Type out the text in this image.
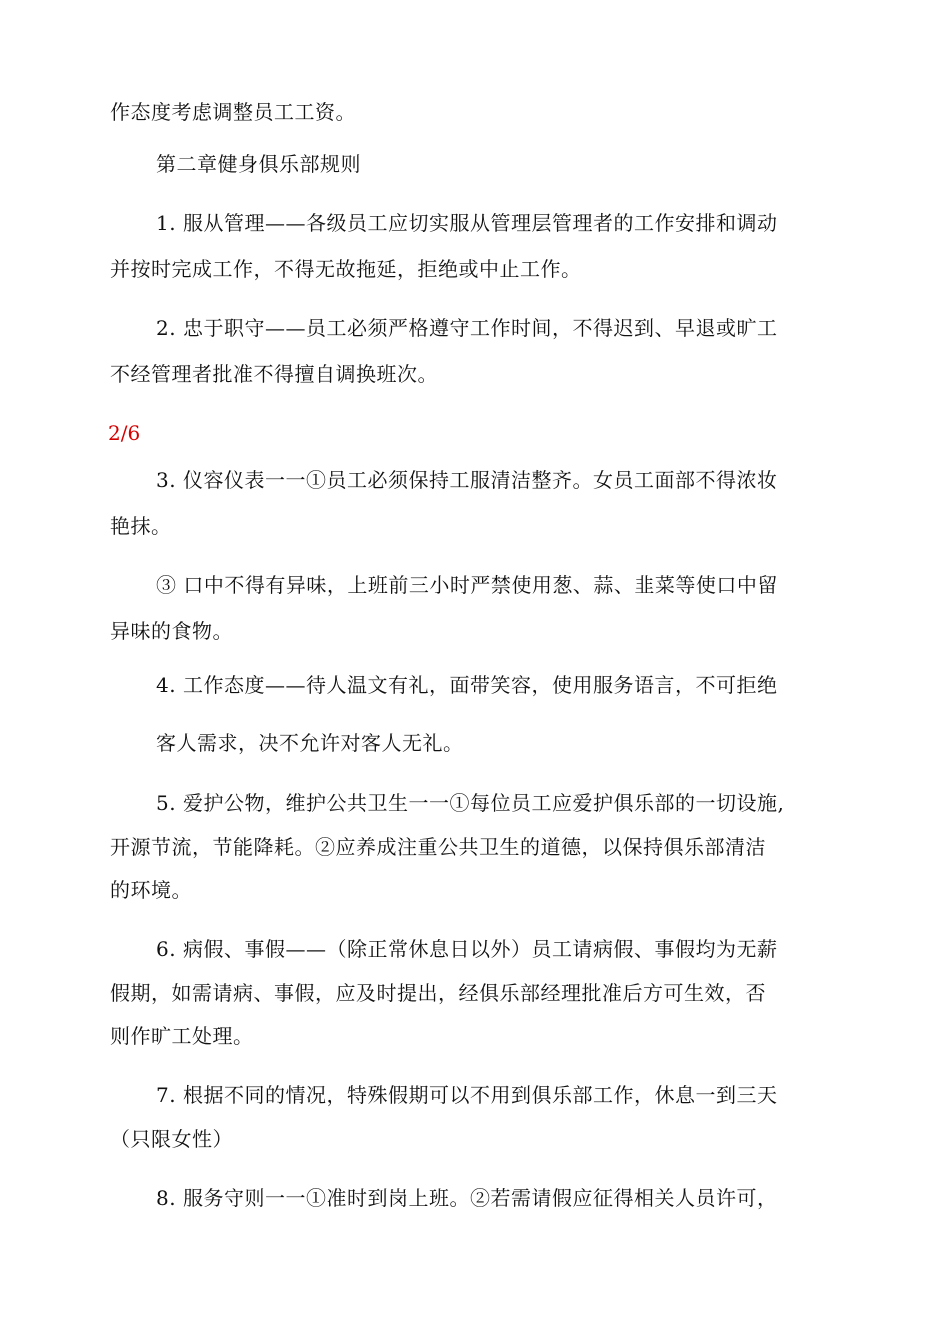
作态度考虑调整员工工资。
第二章健身俱乐部规则
1. 服从管理——各级员工应切实服从管理层管理者的工作安排和调动
并按时完成工作，不得无故拖延，拒绝或中止工作。
2. 忠于职守——员工必须严格遵守工作时间，不得迟到、早退或旷工
不经管理者批准不得擅自调换班次。
2/6
3. 仪容仪表一一①员工必须保持工服清洁整齐。女员工面部不得浓妆
艳抹。
③ 口中不得有异味，上班前三小时严禁使用葱、蒜、韭菜等使口中留
异味的食物。
4. 工作态度——待人温文有礼，面带笑容，使用服务语言，不可拒绝
客人需求，决不允许对客人无礼。
5. 爱护公物，维护公共卫生一一①每位员工应爱护俱乐部的一切设施,
开源节流，节能降耗。②应养成注重公共卫生的道德，以保持俱乐部清洁
的环境。
6. 病假、事假——（除正常休息日以外）员工请病假、事假均为无薪
假期，如需请病、事假，应及时提出，经俱乐部经理批准后方可生效，否
则作旷工处理。
7. 根据不同的情况，特殊假期可以不用到俱乐部工作，休息一到三天
（只限女性）
8. 服务守则一一①准时到岗上班。②若需请假应征得相关人员许可，
